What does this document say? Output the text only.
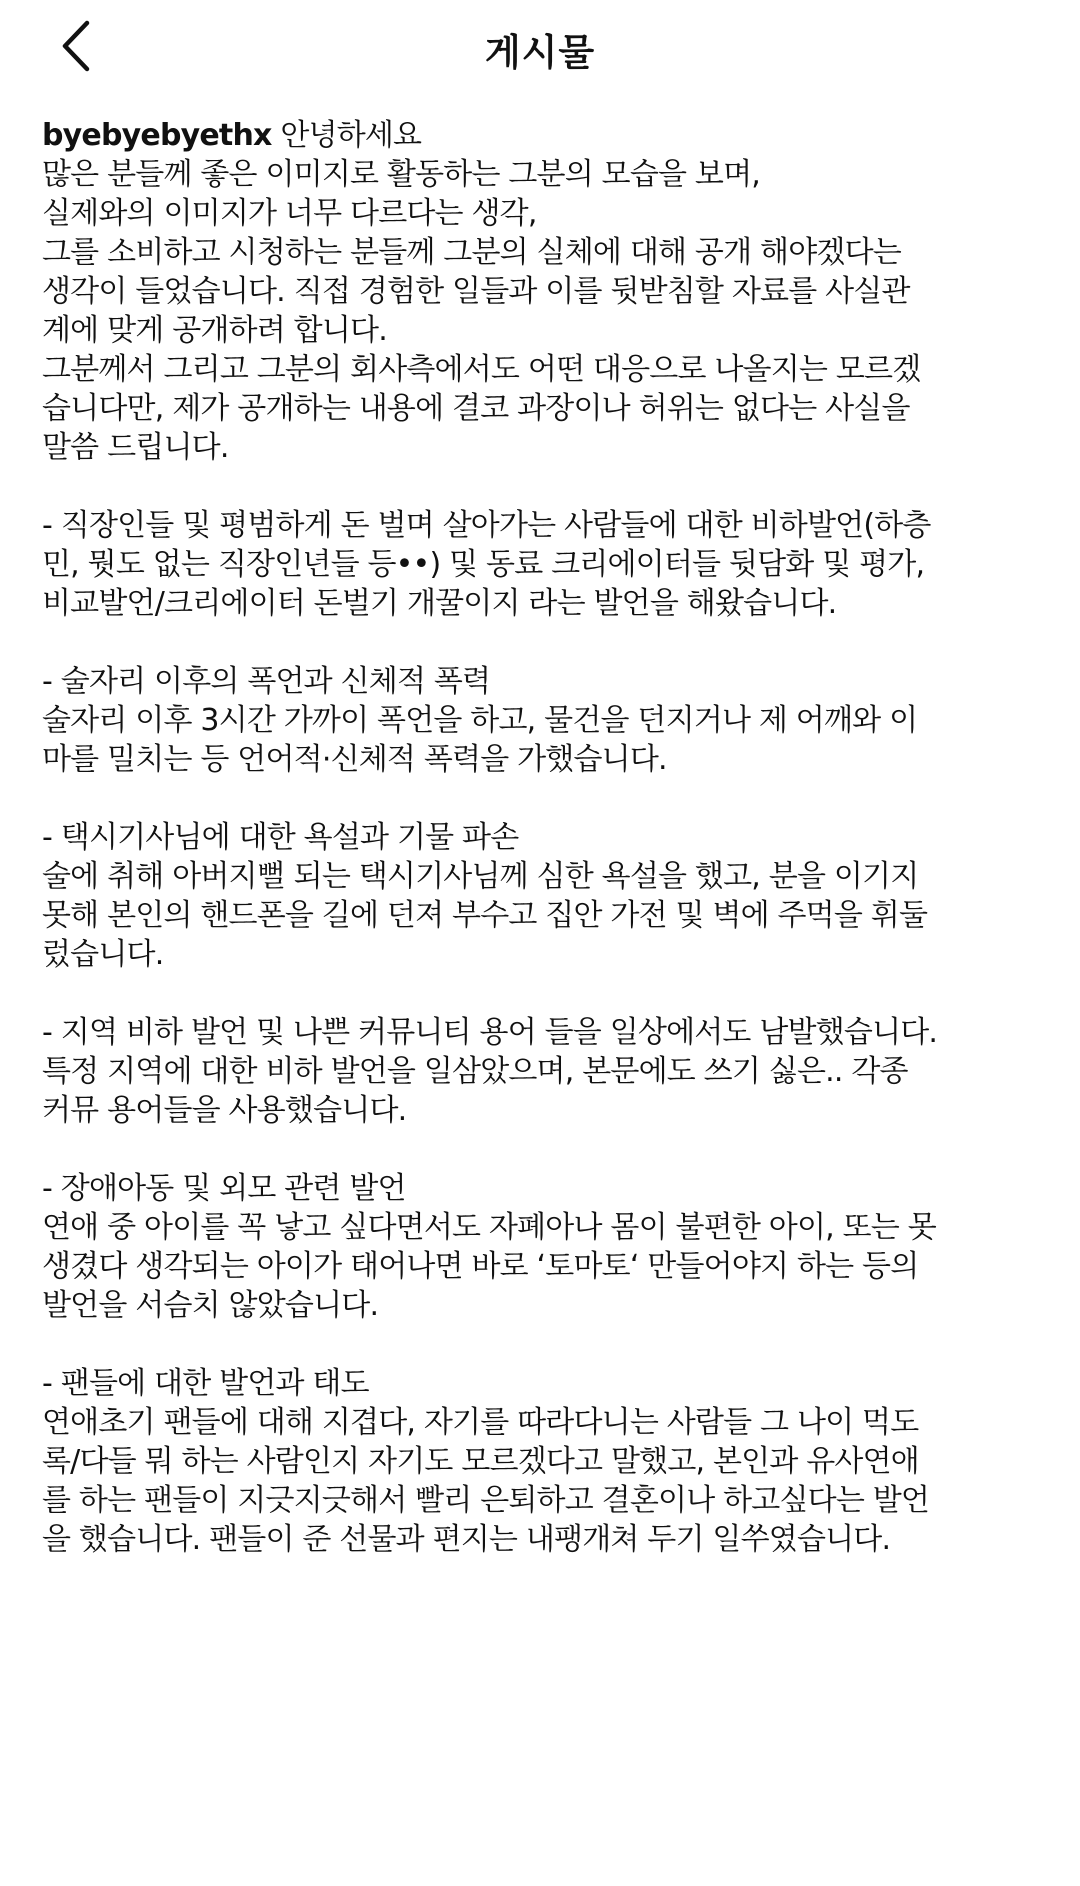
게시물

byebyebyethx 안녕하세요

많은 분들께 좋은 이미지로 활동하는 그분의 모습을 보며,

실제와의 이미지가 너무 다르다는 생각,

그를 소비하고 시청하는 분들께 그분의 실체에 대해 공개 해야겠다는

생각이 들었습니다. 직접 경험한 일들과 이를 뒷받침할 자료를 사실관

계에 맞게 공개하려 합니다.

그분께서 그리고 그분의 회사측에서도 어떤 대응으로 나올지는 모르겠

습니다만, 제가 공개하는 내용에 결코 과장이나 허위는 없다는 사실을

말씀 드립니다.

- 직장인들 및 평범하게 돈 벌며 살아가는 사람들에 대한 비하발언(하층

민, 뭣도 없는 직장인년들 등••) 및 동료 크리에이터들 뒷담화 및 평가,

비교발언/크리에이터 돈벌기 개꿀이지 라는 발언을 해왔습니다.

- 술자리 이후의 폭언과 신체적 폭력

술자리 이후 3시간 가까이 폭언을 하고, 물건을 던지거나 제 어깨와 이

마를 밀치는 등 언어적·신체적 폭력을 가했습니다.

- 택시기사님에 대한 욕설과 기물 파손

술에 취해 아버지뻘 되는 택시기사님께 심한 욕설을 했고, 분을 이기지

못해 본인의 핸드폰을 길에 던져 부수고 집안 가전 및 벽에 주먹을 휘둘

렀습니다.

- 지역 비하 발언 및 나쁜 커뮤니티 용어 들을 일상에서도 남발했습니다.

특정 지역에 대한 비하 발언을 일삼았으며, 본문에도 쓰기 싫은.. 각종

커뮤 용어들을 사용했습니다.

- 장애아동 및 외모 관련 발언

연애 중 아이를 꼭 낳고 싶다면서도 자폐아나 몸이 불편한 아이, 또는 못

생겼다 생각되는 아이가 태어나면 바로 ‘토마토‘ 만들어야지 하는 등의

발언을 서슴치 않았습니다.

- 팬들에 대한 발언과 태도

연애초기 팬들에 대해 지겹다, 자기를 따라다니는 사람들 그 나이 먹도

록/다들 뭐 하는 사람인지 자기도 모르겠다고 말했고, 본인과 유사연애

를 하는 팬들이 지긋지긋해서 빨리 은퇴하고 결혼이나 하고싶다는 발언

을 했습니다. 팬들이 준 선물과 편지는 내팽개쳐 두기 일쑤였습니다.
